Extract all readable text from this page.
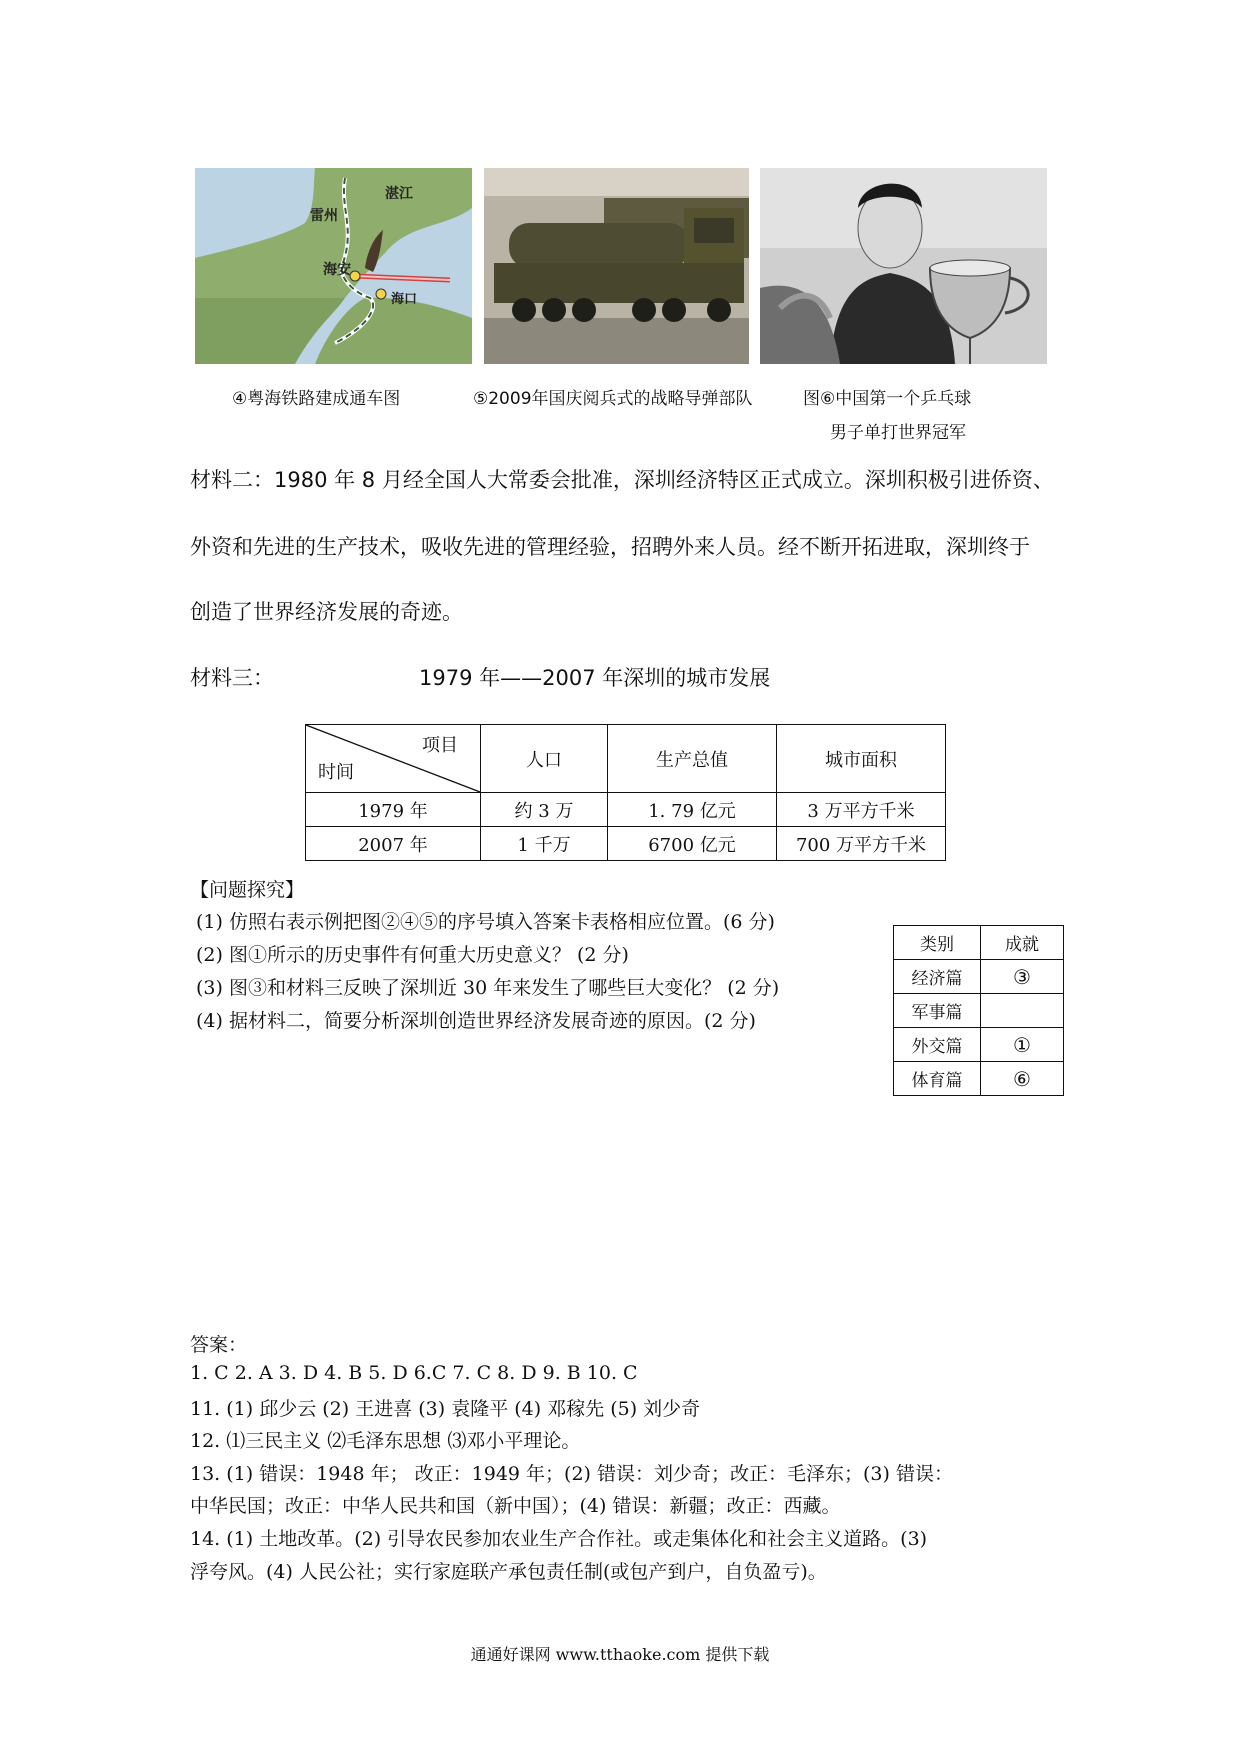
湛江
雷州
海安
海口
④粤海铁路建成通车图	⑤2009年国庆阅兵式的战略导弹部队	图⑥中国第一个乒乓球
男子单打世界冠军
材料二：1980 年 8 月经全国人大常委会批准，深圳经济特区正式成立。深圳积极引进侨资、
外资和先进的生产技术，吸收先进的管理经验，招聘外来人员。经不断开拓进取，深圳终于
创造了世界经济发展的奇迹。
材料三：	1979 年——2007 年深圳的城市发展
项目
时间	人口	生产总值	城市面积
1979 年	约 3 万	1. 79 亿元	3 万平方千米
2007 年	1 千万	6700 亿元	700 万平方千米
【问题探究】
(1) 仿照右表示例把图②④⑤的序号填入答案卡表格相应位置。(6 分)
(2) 图①所示的历史事件有何重大历史意义？ (2 分)
(3) 图③和材料三反映了深圳近 30 年来发生了哪些巨大变化？ (2 分)
(4) 据材料二，简要分析深圳创造世界经济发展奇迹的原因。(2 分)
类别	成就
经济篇	③
军事篇	
外交篇	①
体育篇	⑥
答案：
1. C 2. A 3. D 4. B 5. D 6.C 7. C 8. D 9. B 10. C
11. (1) 邱少云 (2) 王进喜 (3) 袁隆平 (4) 邓稼先 (5) 刘少奇
12. ⑴三民主义 ⑵毛泽东思想 ⑶邓小平理论。
13. (1) 错误：1948 年； 改正：1949 年；(2) 错误：刘少奇；改正：毛泽东；(3) 错误：
中华民国；改正：中华人民共和国（新中国）；(4) 错误：新疆；改正：西藏。
14. (1) 土地改革。(2) 引导农民参加农业生产合作社。或走集体化和社会主义道路。(3)
浮夸风。(4) 人民公社；实行家庭联产承包责任制(或包产到户，自负盈亏)。
通通好课网 www.tthaoke.com 提供下载
